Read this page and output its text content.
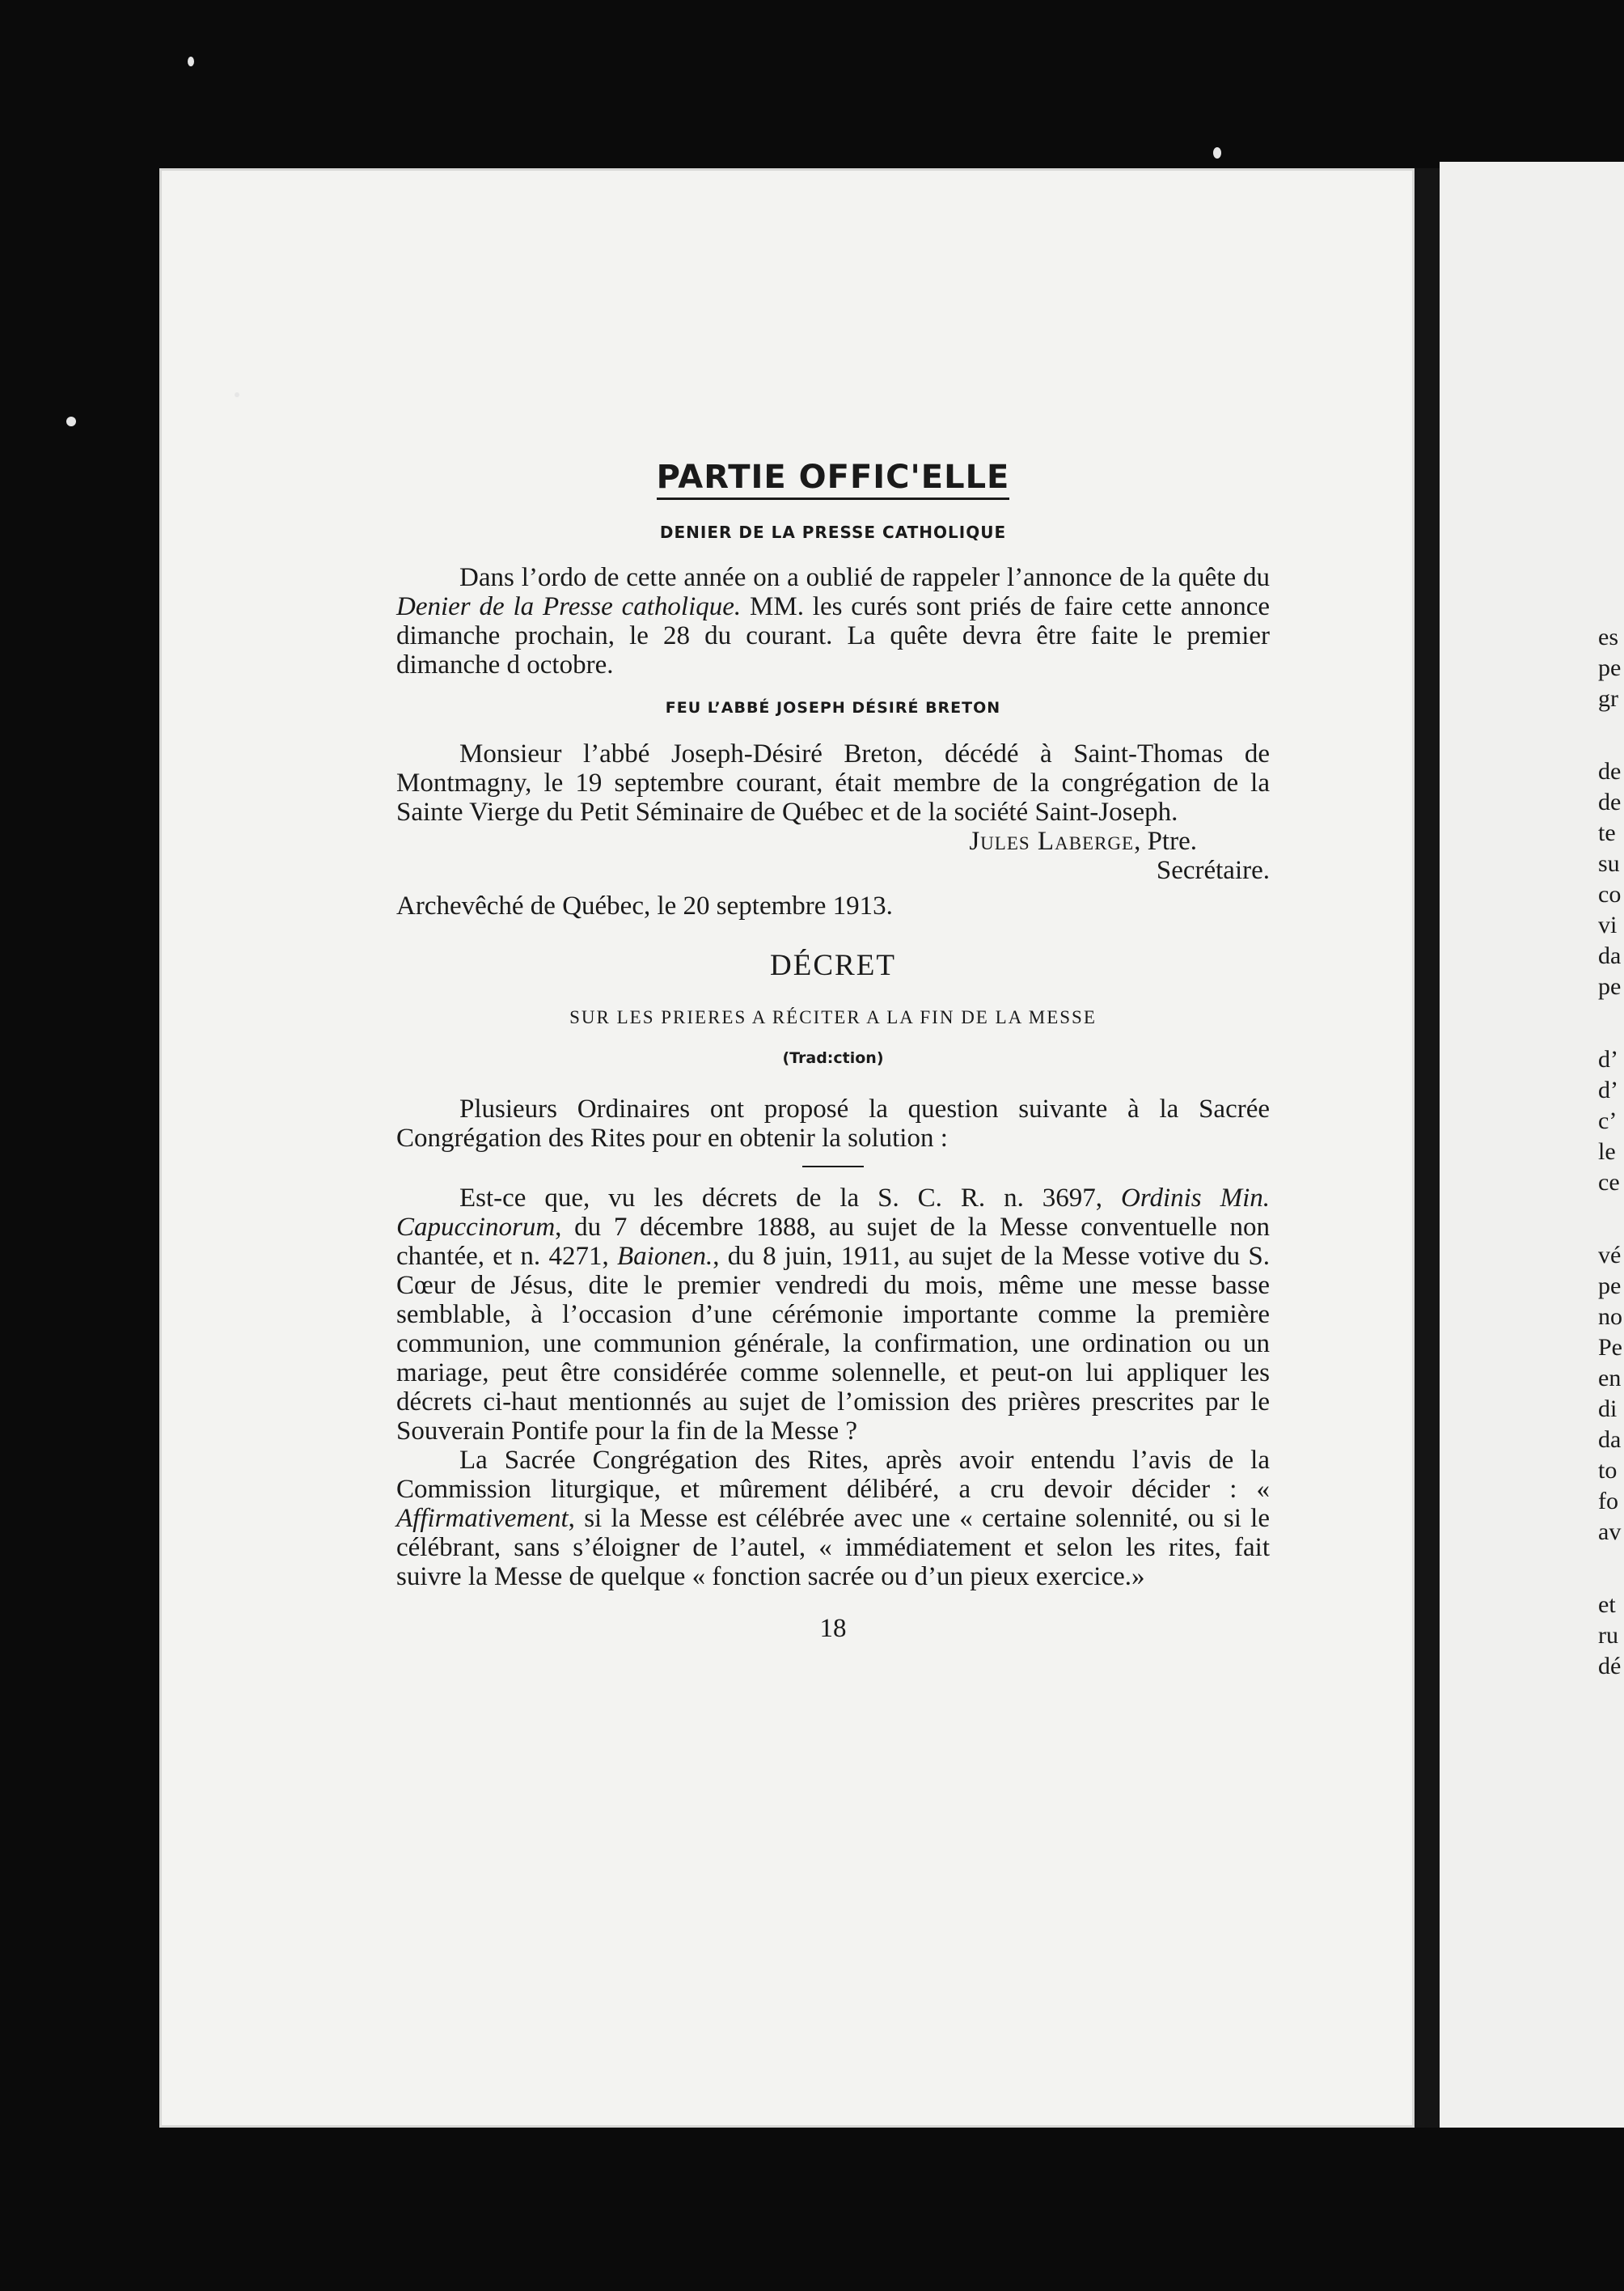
PARTIE OFFIC'ELLE
DENIER DE LA PRESSE CATHOLIQUE

Dans l’ordo de cette année on a oublié de rappeler l’annonce de la quête du Denier de la Presse catholique. MM. les curés sont priés de faire cette annonce dimanche prochain, le 28 du courant. La quête devra être faite le premier dimanche d octobre.

FEU L’ABBÉ JOSEPH DÉSIRÉ BRETON

Monsieur l’abbé Joseph-Désiré Breton, décédé à Saint-Thomas de Montmagny, le 19 septembre courant, était membre de la congrégation de la Sainte Vierge du Petit Séminaire de Québec et de la société Saint-Joseph.

Jules Laberge, Ptre.
Secrétaire.
Archevêché de Québec, le 20 septembre 1913.
DÉCRET
SUR LES PRIERES A RÉCITER A LA FIN DE LA MESSE
(Trad:ction)

Plusieurs Ordinaires ont proposé la question suivante à la Sacrée Congrégation des Rites pour en obtenir la solution :

Est-ce que, vu les décrets de la S. C. R. n. 3697, Ordinis Min. Capuccinorum, du 7 décembre 1888, au sujet de la Messe conventuelle non chantée, et n. 4271, Baionen., du 8 juin, 1911, au sujet de la Messe votive du S. Cœur de Jésus, dite le premier vendredi du mois, même une messe basse semblable, à l’occasion d’une cérémonie importante comme la première communion, une communion générale, la confirmation, une ordination ou un mariage, peut être considérée comme solennelle, et peut-on lui appliquer les décrets ci-haut mentionnés au sujet de l’omission des prières prescrites par le Souverain Pontife pour la fin de la Messe ?

La Sacrée Congrégation des Rites, après avoir entendu l’avis de la Commission liturgique, et mûrement délibéré, a cru devoir décider : « Affirmativement, si la Messe est célébrée avec une « certaine solennité, ou si le célébrant, sans s’éloigner de l’autel, « immédiatement et selon les rites, fait suivre la Messe de quelque « fonction sacrée ou d’un pieux exercice.»

18
es
pe
gr
de
de
te
su
co
vi
da
pe
d’
d’
c’
le
ce
vé
pe
no
Pe
en
di
da
to
fo
av
et
ru
dé
